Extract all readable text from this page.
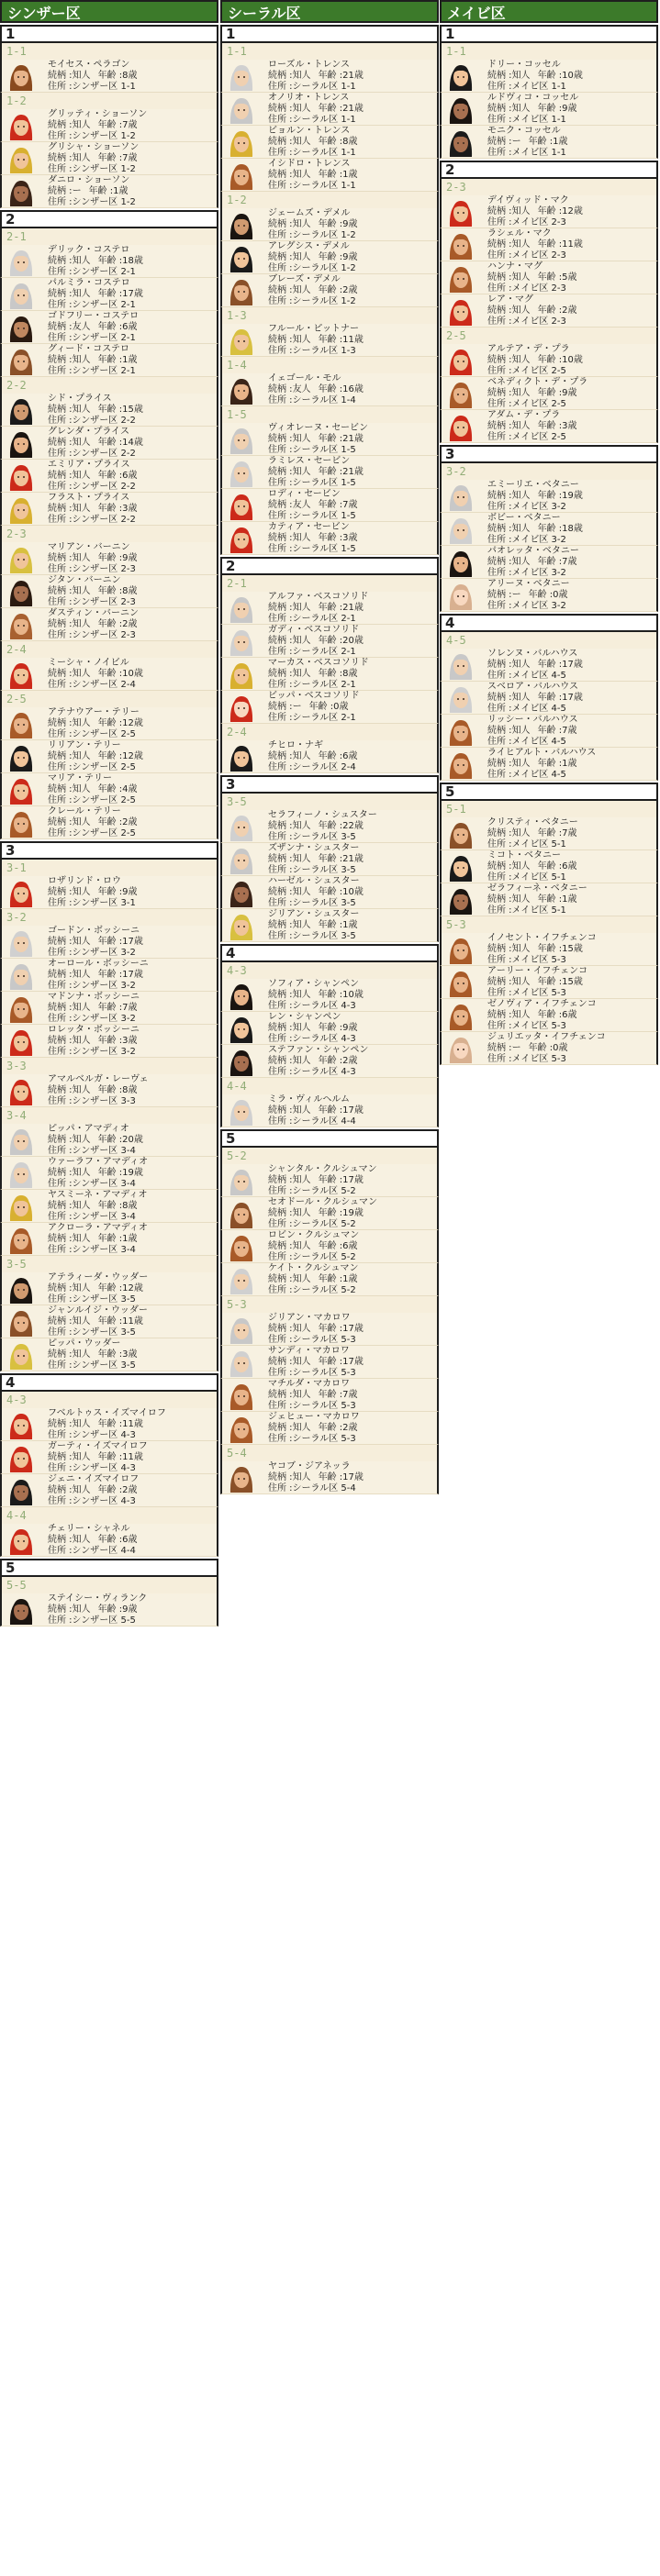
シンザー区
1
1-1
モイセス・ペラゴン
続柄 :知人 年齢 :8歳
住所 :シンザー区 1-1
1-2
グリッティ・ショーソン
続柄 :知人 年齢 :7歳
住所 :シンザー区 1-2
グリシャ・ショーソン
続柄 :知人 年齢 :7歳
住所 :シンザー区 1-2
ダニロ・ショーソン
続柄 :ー 年齢 :1歳
住所 :シンザー区 1-2
2
2-1
デリック・コステロ
続柄 :知人 年齢 :18歳
住所 :シンザー区 2-1
パルミラ・コステロ
続柄 :知人 年齢 :17歳
住所 :シンザー区 2-1
ゴドフリー・コステロ
続柄 :友人 年齢 :6歳
住所 :シンザー区 2-1
グィード・コステロ
続柄 :知人 年齢 :1歳
住所 :シンザー区 2-1
2-2
シド・プライス
続柄 :知人 年齢 :15歳
住所 :シンザー区 2-2
グレンダ・プライス
続柄 :知人 年齢 :14歳
住所 :シンザー区 2-2
エミリア・プライス
続柄 :知人 年齢 :6歳
住所 :シンザー区 2-2
フラスト・プライス
続柄 :知人 年齢 :3歳
住所 :シンザー区 2-2
2-3
マリアン・バーニン
続柄 :知人 年齢 :9歳
住所 :シンザー区 2-3
ジタン・バーニン
続柄 :知人 年齢 :8歳
住所 :シンザー区 2-3
ダスティン・バーニン
続柄 :知人 年齢 :2歳
住所 :シンザー区 2-3
2-4
ミーシャ・ノイビル
続柄 :知人 年齢 :10歳
住所 :シンザー区 2-4
2-5
アテナウアー・テリー
続柄 :知人 年齢 :12歳
住所 :シンザー区 2-5
リリアン・テリー
続柄 :知人 年齢 :12歳
住所 :シンザー区 2-5
マリア・テリー
続柄 :知人 年齢 :4歳
住所 :シンザー区 2-5
クレール・テリー
続柄 :知人 年齢 :2歳
住所 :シンザー区 2-5
3
3-1
ロザリンド・ロウ
続柄 :知人 年齢 :9歳
住所 :シンザー区 3-1
3-2
ゴードン・ボッシーニ
続柄 :知人 年齢 :17歳
住所 :シンザー区 3-2
オーロール・ボッシーニ
続柄 :知人 年齢 :17歳
住所 :シンザー区 3-2
マドンナ・ボッシーニ
続柄 :知人 年齢 :7歳
住所 :シンザー区 3-2
ロレッタ・ボッシーニ
続柄 :知人 年齢 :3歳
住所 :シンザー区 3-2
3-3
アマルベルガ・レーヴェ
続柄 :知人 年齢 :8歳
住所 :シンザー区 3-3
3-4
ピッパ・アマディオ
続柄 :知人 年齢 :20歳
住所 :シンザー区 3-4
ウァーラフ・アマディオ
続柄 :知人 年齢 :19歳
住所 :シンザー区 3-4
ヤスミーネ・アマディオ
続柄 :知人 年齢 :8歳
住所 :シンザー区 3-4
アクローラ・アマディオ
続柄 :知人 年齢 :1歳
住所 :シンザー区 3-4
3-5
アテラィーダ・ウッダー
続柄 :知人 年齢 :12歳
住所 :シンザー区 3-5
ジャンルイジ・ウッダー
続柄 :知人 年齢 :11歳
住所 :シンザー区 3-5
ピッパ・ウッダー
続柄 :知人 年齢 :3歳
住所 :シンザー区 3-5
4
4-3
フベルトゥス・イズマイロフ
続柄 :知人 年齢 :11歳
住所 :シンザー区 4-3
ガーティ・イズマイロフ
続柄 :知人 年齢 :11歳
住所 :シンザー区 4-3
ジェニ・イズマイロフ
続柄 :知人 年齢 :2歳
住所 :シンザー区 4-3
4-4
チェリー・シャネル
続柄 :知人 年齢 :6歳
住所 :シンザー区 4-4
5
5-5
ステイシー・ヴィランク
続柄 :知人 年齢 :9歳
住所 :シンザー区 5-5
シーラル区
1
1-1
ローズル・トレンス
続柄 :知人 年齢 :21歳
住所 :シーラル区 1-1
オノリオ・トレンス
続柄 :知人 年齢 :21歳
住所 :シーラル区 1-1
ビョルン・トレンス
続柄 :知人 年齢 :8歳
住所 :シーラル区 1-1
イシドロ・トレンス
続柄 :知人 年齢 :1歳
住所 :シーラル区 1-1
1-2
ジェームズ・デメル
続柄 :知人 年齢 :9歳
住所 :シーラル区 1-2
アレグシス・デメル
続柄 :知人 年齢 :9歳
住所 :シーラル区 1-2
ブレーズ・デメル
続柄 :知人 年齢 :2歳
住所 :シーラル区 1-2
1-3
フルール・ピットナー
続柄 :知人 年齢 :11歳
住所 :シーラル区 1-3
1-4
イェゴール・モル
続柄 :友人 年齢 :16歳
住所 :シーラル区 1-4
1-5
ヴィオレーヌ・セービン
続柄 :知人 年齢 :21歳
住所 :シーラル区 1-5
ラミレス・セービン
続柄 :知人 年齢 :21歳
住所 :シーラル区 1-5
ロディ・セービン
続柄 :友人 年齢 :7歳
住所 :シーラル区 1-5
カティア・セービン
続柄 :知人 年齢 :3歳
住所 :シーラル区 1-5
2
2-1
アルファ・ベスコソリド
続柄 :知人 年齢 :21歳
住所 :シーラル区 2-1
ガディ・ベスコソリド
続柄 :知人 年齢 :20歳
住所 :シーラル区 2-1
マーカス・ベスコソリド
続柄 :知人 年齢 :8歳
住所 :シーラル区 2-1
ビッパ・ベスコソリド
続柄 :ー 年齢 :0歳
住所 :シーラル区 2-1
2-4
チヒロ・ナギ
続柄 :知人 年齢 :6歳
住所 :シーラル区 2-4
3
3-5
セラフィーノ・シュスター
続柄 :知人 年齢 :22歳
住所 :シーラル区 3-5
ズザンナ・シュスター
続柄 :知人 年齢 :21歳
住所 :シーラル区 3-5
ハーゼル・シュスター
続柄 :知人 年齢 :10歳
住所 :シーラル区 3-5
ジリアン・シュスター
続柄 :知人 年齢 :1歳
住所 :シーラル区 3-5
4
4-3
ソフィア・シャンペン
続柄 :知人 年齢 :10歳
住所 :シーラル区 4-3
レン・シャンペン
続柄 :知人 年齢 :9歳
住所 :シーラル区 4-3
ステファン・シャンペン
続柄 :知人 年齢 :2歳
住所 :シーラル区 4-3
4-4
ミラ・ヴィルヘルム
続柄 :知人 年齢 :17歳
住所 :シーラル区 4-4
5
5-2
シャンタル・クルシュマン
続柄 :知人 年齢 :17歳
住所 :シーラル区 5-2
セオドール・クルシュマン
続柄 :知人 年齢 :19歳
住所 :シーラル区 5-2
ロビン・クルシュマン
続柄 :知人 年齢 :6歳
住所 :シーラル区 5-2
ケイト・クルシュマン
続柄 :知人 年齢 :1歳
住所 :シーラル区 5-2
5-3
ジリアン・マカロワ
続柄 :知人 年齢 :17歳
住所 :シーラル区 5-3
サンディ・マカロワ
続柄 :知人 年齢 :17歳
住所 :シーラル区 5-3
マチルダ・マカロワ
続柄 :知人 年齢 :7歳
住所 :シーラル区 5-3
ジェヒュー・マカロワ
続柄 :知人 年齢 :2歳
住所 :シーラル区 5-3
5-4
ヤコブ・ジアネッラ
続柄 :知人 年齢 :17歳
住所 :シーラル区 5-4
メイビ区
1
1-1
ドリー・コッセル
続柄 :知人 年齢 :10歳
住所 :メイビ区 1-1
ルドヴィコ・コッセル
続柄 :知人 年齢 :9歳
住所 :メイビ区 1-1
モニク・コッセル
続柄 :ー 年齢 :1歳
住所 :メイビ区 1-1
2
2-3
デイヴィッド・マク
続柄 :知人 年齢 :12歳
住所 :メイビ区 2-3
ラシェル・マク
続柄 :知人 年齢 :11歳
住所 :メイビ区 2-3
ハンナ・マグ
続柄 :知人 年齢 :5歳
住所 :メイビ区 2-3
レア・マグ
続柄 :知人 年齢 :2歳
住所 :メイビ区 2-3
2-5
アルテア・デ・プラ
続柄 :知人 年齢 :10歳
住所 :メイビ区 2-5
ベネディクト・デ・プラ
続柄 :知人 年齢 :9歳
住所 :メイビ区 2-5
アダム・デ・プラ
続柄 :知人 年齢 :3歳
住所 :メイビ区 2-5
3
3-2
エミーリエ・ベタニー
続柄 :知人 年齢 :19歳
住所 :メイビ区 3-2
ボビー・ベタニー
続柄 :知人 年齢 :18歳
住所 :メイビ区 3-2
パオレッタ・ベタニー
続柄 :知人 年齢 :7歳
住所 :メイビ区 3-2
アリーヌ・ベタニー
続柄 :ー 年齢 :0歳
住所 :メイビ区 3-2
4
4-5
ソレンヌ・バルハウス
続柄 :知人 年齢 :17歳
住所 :メイビ区 4-5
スベロア・バルハウス
続柄 :知人 年齢 :17歳
住所 :メイビ区 4-5
リッシー・バルハウス
続柄 :知人 年齢 :7歳
住所 :メイビ区 4-5
ライヒアルト・バルハウス
続柄 :知人 年齢 :1歳
住所 :メイビ区 4-5
5
5-1
クリスティ・ベタニー
続柄 :知人 年齢 :7歳
住所 :メイビ区 5-1
ミコト・ベタニー
続柄 :知人 年齢 :6歳
住所 :メイビ区 5-1
ゼラフィーネ・ベタニー
続柄 :知人 年齢 :1歳
住所 :メイビ区 5-1
5-3
イノセント・イフチェンコ
続柄 :知人 年齢 :15歳
住所 :メイビ区 5-3
アーリー・イフチェンコ
続柄 :知人 年齢 :15歳
住所 :メイビ区 5-3
ゼノヴィア・イフチェンコ
続柄 :知人 年齢 :6歳
住所 :メイビ区 5-3
ジュリエッタ・イフチェンコ
続柄 :ー 年齢 :0歳
住所 :メイビ区 5-3
